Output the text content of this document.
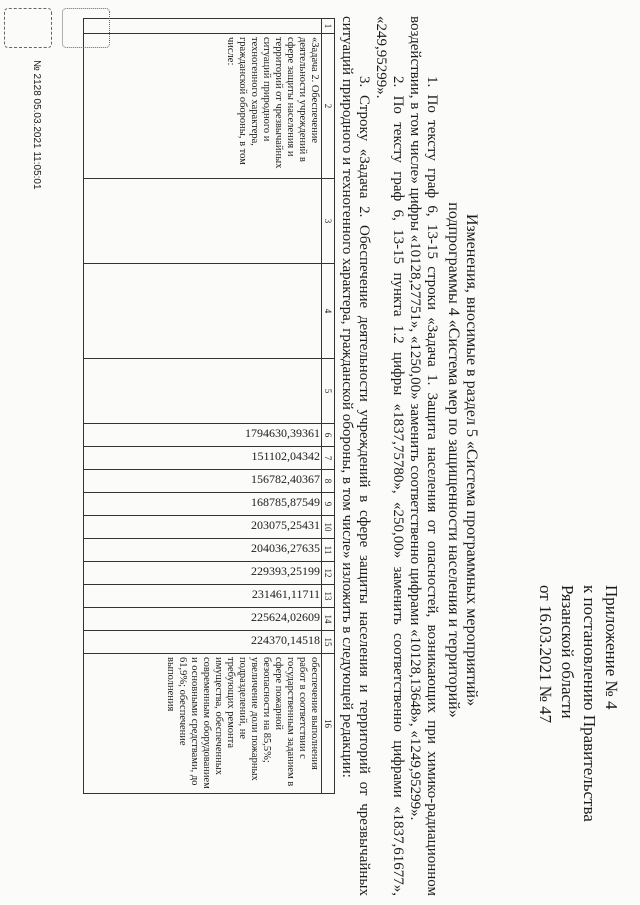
Приложение № 4
к постановлению Правительства
Рязанской области
от 16.03.2021 № 47
Изменения, вносимые в раздел 5 «Система программных мероприятий»
подпрограммы 4 «Система мер по защищенности населения и территорий»

1. По тексту граф 6, 13-15 строки «Задача 1. Защита населения от опасностей, возникающих при химико-радиационном воздействии, в том числе» цифры «10128,27751», «1250,00» заменить соответственно цифрами «10128,13648», «1249,95299».

2. По тексту граф 6, 13-15 пункта 1.2 цифры «1837,75780», «250,00» заменить соответственно цифрами «1837,61677», «249,95299».

3. Строку «Задача 2. Обеспечение деятельности учреждений в сфере защиты населения и территорий от чрезвычайных ситуаций природного и техногенного характера, гражданской обороны, в том числе» изложить в следующей редакции:

1	2	3	4	5	6	7	8	9	10	11	12	13	14	15	16
	«Задача 2. Обеспечение деятельности учреждений в сфере защиты населения и территорий от чрезвычайных ситуаций природного и техногенного характера, гражданской обороны, в том числе:				1794630,39361	151102,04342	156782,40367	168785,87549	203075,25431	204036,27635	229393,25199	231461,11711	225624,02609	224370,14518	обеспечение выполнения работ в соответствии с государственным заданием в сфере пожарной безопасности на 85,5%; увеличение доли пожарных подразделений, не требующих ремонта имущества, обеспеченных современным оборудованием и основными средствами, до 61,9%; обеспечение выполнения
№ 2128 05.03.2021 11:05:01
